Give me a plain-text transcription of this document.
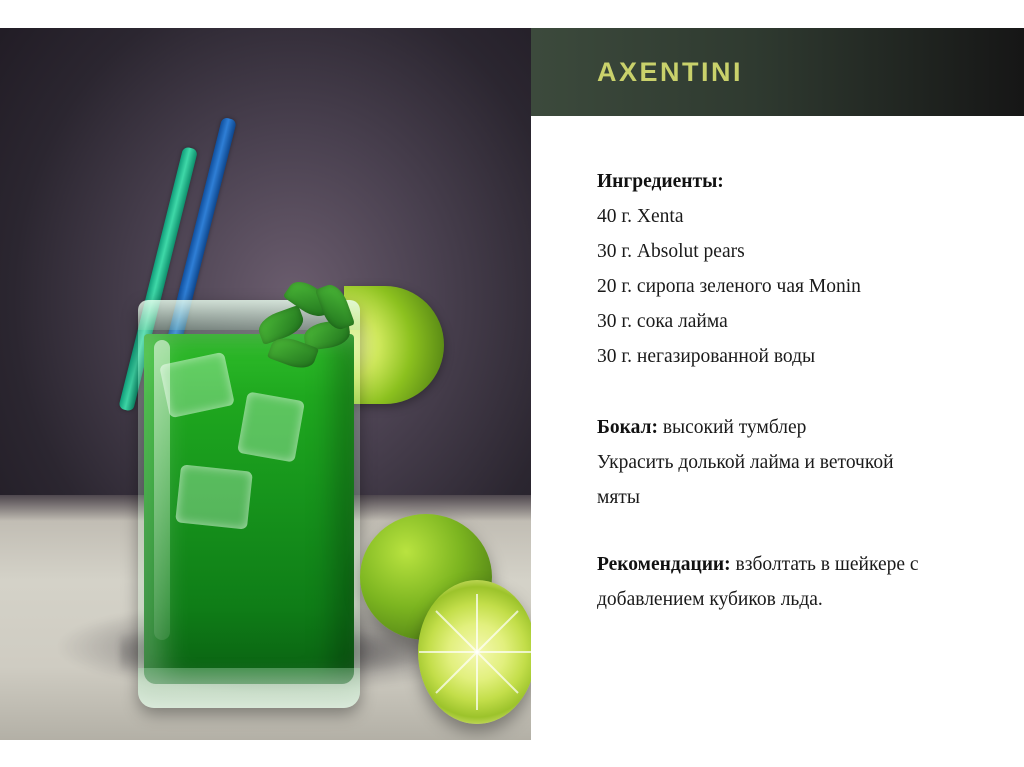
AXENTINI
Ингредиенты:
40 г. Xenta
30 г. Absolut pears
20 г. сиропа зеленого чая Monin
30 г. сока лайма
30 г. негазированной воды
Бокал: высокий тумблер
Украсить долькой лайма и веточкой
мяты
Рекомендации: взболтать в шейкере с
добавлением кубиков льда.
